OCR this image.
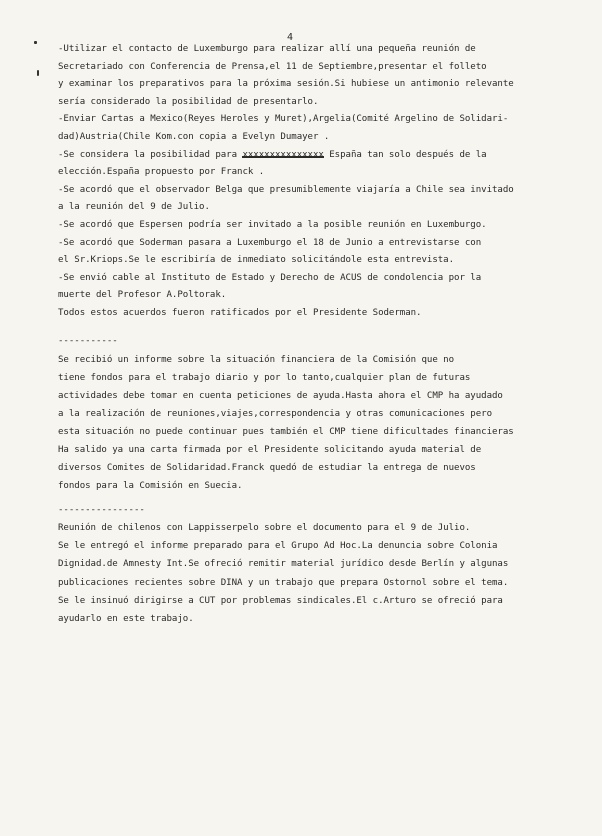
4
-Utilizar el contacto de Luxemburgo para realizar allí una pequeña reunión de
Secretariado con Conferencia de Prensa,el 11 de Septiembre,presentar el folleto
y examinar los preparativos para la próxima sesión.Si hubiese un antimonio relevante
sería considerado la posibilidad de presentarlo.
-Enviar Cartas a Mexico(Reyes Heroles y Muret),Argelia(Comité Argelino de Solidari-
dad)Austria(Chile Kom.con copia a Evelyn Dumayer .
-Se considera la posibilidad para xxxxxxxxxxxxxxx España tan solo después de la
elección.España propuesto por Franck .
-Se acordó que el observador Belga que presumiblemente viajaría a Chile sea invitado
a la reunión del 9 de Julio.
-Se acordó que Espersen podría ser invitado a la posible reunión en Luxemburgo.
-Se acordó que Soderman pasara a Luxemburgo el 18 de Junio a entrevistarse con
el Sr.Kriops.Se le escribiría de inmediato solicitándole esta entrevista.
-Se envió cable al Instituto de Estado y Derecho de ACUS de condolencia por la
muerte del Profesor A.Poltorak.
Todos estos acuerdos fueron ratificados por el Presidente Soderman.
-----------
Se recibió un informe sobre la situación financiera de la Comisión que no
tiene fondos para el trabajo diario y por lo tanto,cualquier plan de futuras
actividades debe tomar en cuenta peticiones de ayuda.Hasta ahora el CMP ha ayudado
a la realización de reuniones,viajes,correspondencia y otras comunicaciones pero
esta situación no puede continuar pues también el CMP tiene dificultades financieras
Ha salido ya una carta firmada por el Presidente solicitando ayuda material de
diversos Comites de Solidaridad.Franck quedó de estudiar la entrega de nuevos
fondos para la Comisión en Suecia.
----------------
Reunión de chilenos con Lappisserpelo sobre el documento para el 9 de Julio.
Se le entregó el informe preparado para el Grupo Ad Hoc.La denuncia sobre Colonia
Dignidad.de Amnesty Int.Se ofreció remitir material jurídico desde Berlín y algunas
publicaciones recientes sobre DINA y un trabajo que prepara Ostornol sobre el tema.
Se le insinuó dirigirse a CUT por problemas sindicales.El c.Arturo se ofreció para
ayudarlo en este trabajo.
